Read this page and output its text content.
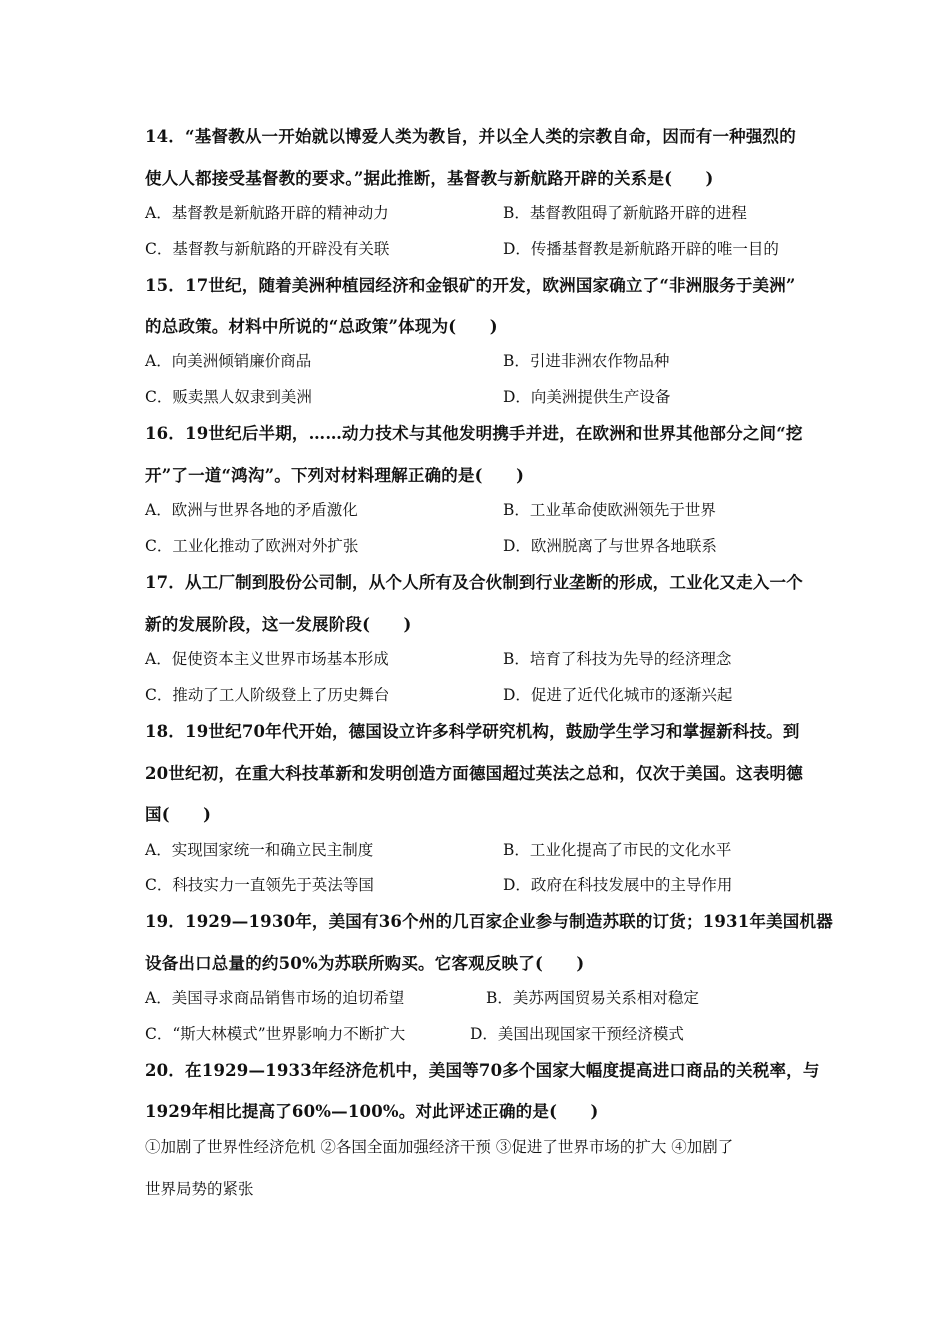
14．“基督教从一开始就以博爱人类为教旨，并以全人类的宗教自命，因而有一种强烈的
使人人都接受基督教的要求。”据此推断，基督教与新航路开辟的关系是(　　)
A．基督教是新航路开辟的精神动力	B．基督教阻碍了新航路开辟的进程
C．基督教与新航路的开辟没有关联	D．传播基督教是新航路开辟的唯一目的
15．17世纪，随着美洲种植园经济和金银矿的开发，欧洲国家确立了“非洲服务于美洲”
的总政策。材料中所说的“总政策”体现为(　　)
A．向美洲倾销廉价商品	B．引进非洲农作物品种
C．贩卖黑人奴隶到美洲	D．向美洲提供生产设备
16．19世纪后半期，……动力技术与其他发明携手并进，在欧洲和世界其他部分之间“挖
开”了一道“鸿沟”。下列对材料理解正确的是(　　)
A．欧洲与世界各地的矛盾激化	B．工业革命使欧洲领先于世界
C．工业化推动了欧洲对外扩张	D．欧洲脱离了与世界各地联系
17．从工厂制到股份公司制，从个人所有及合伙制到行业垄断的形成，工业化又走入一个
新的发展阶段，这一发展阶段(　　)
A．促使资本主义世界市场基本形成	B．培育了科技为先导的经济理念
C．推动了工人阶级登上了历史舞台	D．促进了近代化城市的逐渐兴起
18．19世纪70年代开始，德国设立许多科学研究机构，鼓励学生学习和掌握新科技。到
20世纪初，在重大科技革新和发明创造方面德国超过英法之总和，仅次于美国。这表明德
国(　　)
A．实现国家统一和确立民主制度	B．工业化提高了市民的文化水平
C．科技实力一直领先于英法等国	D．政府在科技发展中的主导作用
19．1929—1930年，美国有36个州的几百家企业参与制造苏联的订货；1931年美国机器
设备出口总量的约50%为苏联所购买。它客观反映了(　　)
A．美国寻求商品销售市场的迫切希望	B．美苏两国贸易关系相对稳定
C．“斯大林模式”世界影响力不断扩大	D．美国出现国家干预经济模式
20．在1929—1933年经济危机中，美国等70多个国家大幅度提高进口商品的关税率，与
1929年相比提高了60%—100%。对此评述正确的是(　　)
①加剧了世界性经济危机 ②各国全面加强经济干预 ③促进了世界市场的扩大 ④加剧了
世界局势的紧张
